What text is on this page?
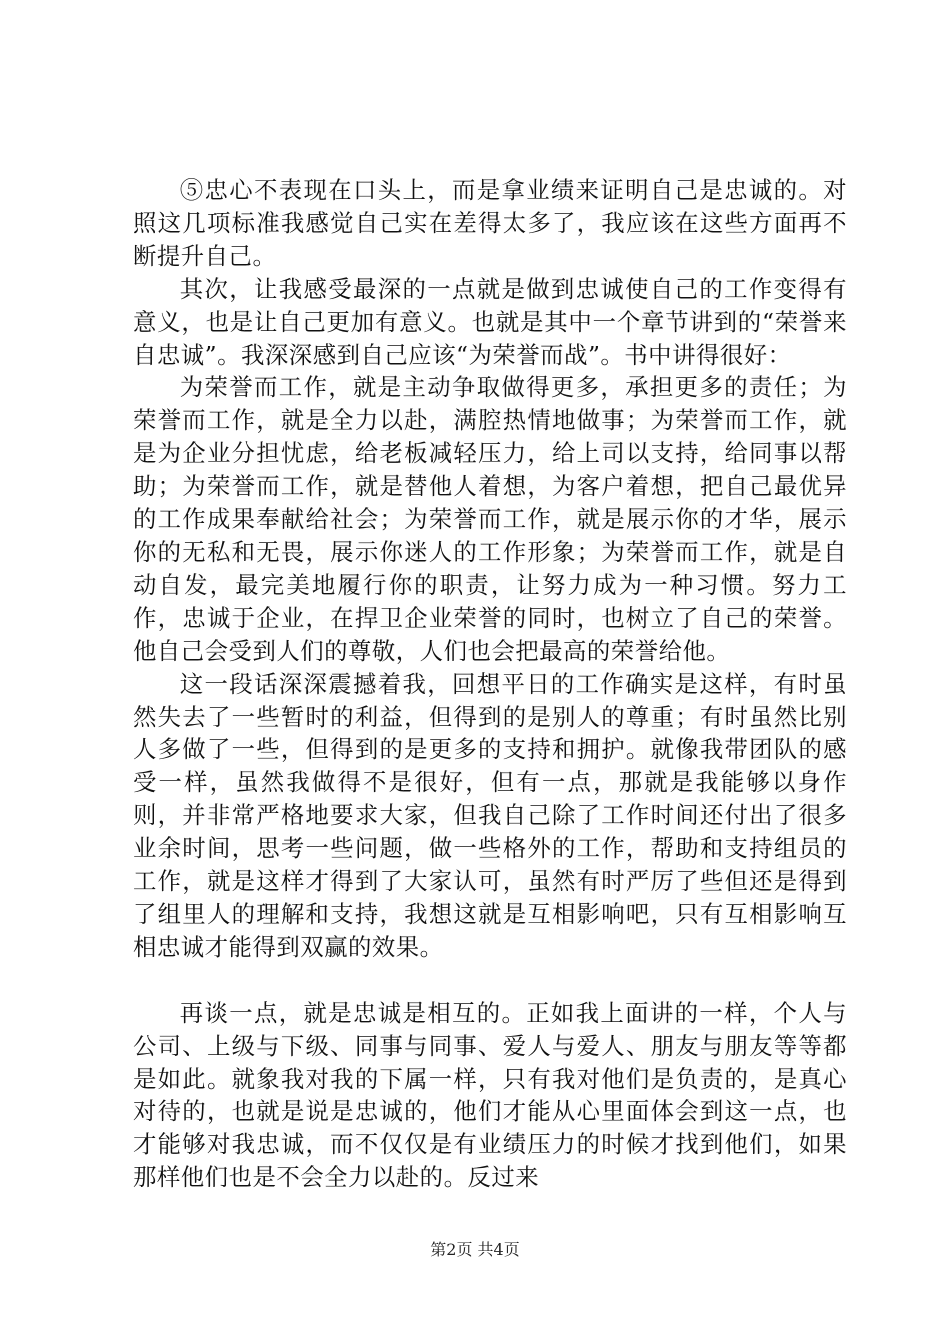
⑤忠心不表现在口头上，而是拿业绩来证明自己是忠诚的。对照这几项标准我感觉自己实在差得太多了，我应该在这些方面再不断提升自己。

其次，让我感受最深的一点就是做到忠诚使自己的工作变得有意义，也是让自己更加有意义。也就是其中一个章节讲到的“荣誉来自忠诚”。我深深感到自己应该“为荣誉而战”。书中讲得很好：

为荣誉而工作，就是主动争取做得更多，承担更多的责任；为荣誉而工作，就是全力以赴，满腔热情地做事；为荣誉而工作，就是为企业分担忧虑，给老板减轻压力，给上司以支持，给同事以帮助；为荣誉而工作，就是替他人着想，为客户着想，把自己最优异的工作成果奉献给社会；为荣誉而工作，就是展示你的才华，展示你的无私和无畏，展示你迷人的工作形象；为荣誉而工作，就是自动自发，最完美地履行你的职责，让努力成为一种习惯。努力工作，忠诚于企业，在捍卫企业荣誉的同时，也树立了自己的荣誉。他自己会受到人们的尊敬，人们也会把最高的荣誉给他。

这一段话深深震撼着我，回想平日的工作确实是这样，有时虽然失去了一些暂时的利益，但得到的是别人的尊重；有时虽然比别人多做了一些，但得到的是更多的支持和拥护。就像我带团队的感受一样，虽然我做得不是很好，但有一点，那就是我能够以身作则，并非常严格地要求大家，但我自己除了工作时间还付出了很多业余时间，思考一些问题，做一些格外的工作，帮助和支持组员的工作，就是这样才得到了大家认可，虽然有时严厉了些但还是得到了组里人的理解和支持，我想这就是互相影响吧，只有互相影响互相忠诚才能得到双赢的效果。

再谈一点，就是忠诚是相互的。正如我上面讲的一样，个人与公司、上级与下级、同事与同事、爱人与爱人、朋友与朋友等等都是如此。就象我对我的下属一样，只有我对他们是负责的，是真心对待的，也就是说是忠诚的，他们才能从心里面体会到这一点，也才能够对我忠诚，而不仅仅是有业绩压力的时候才找到他们，如果那样他们也是不会全力以赴的。反过来

第2页 共4页
